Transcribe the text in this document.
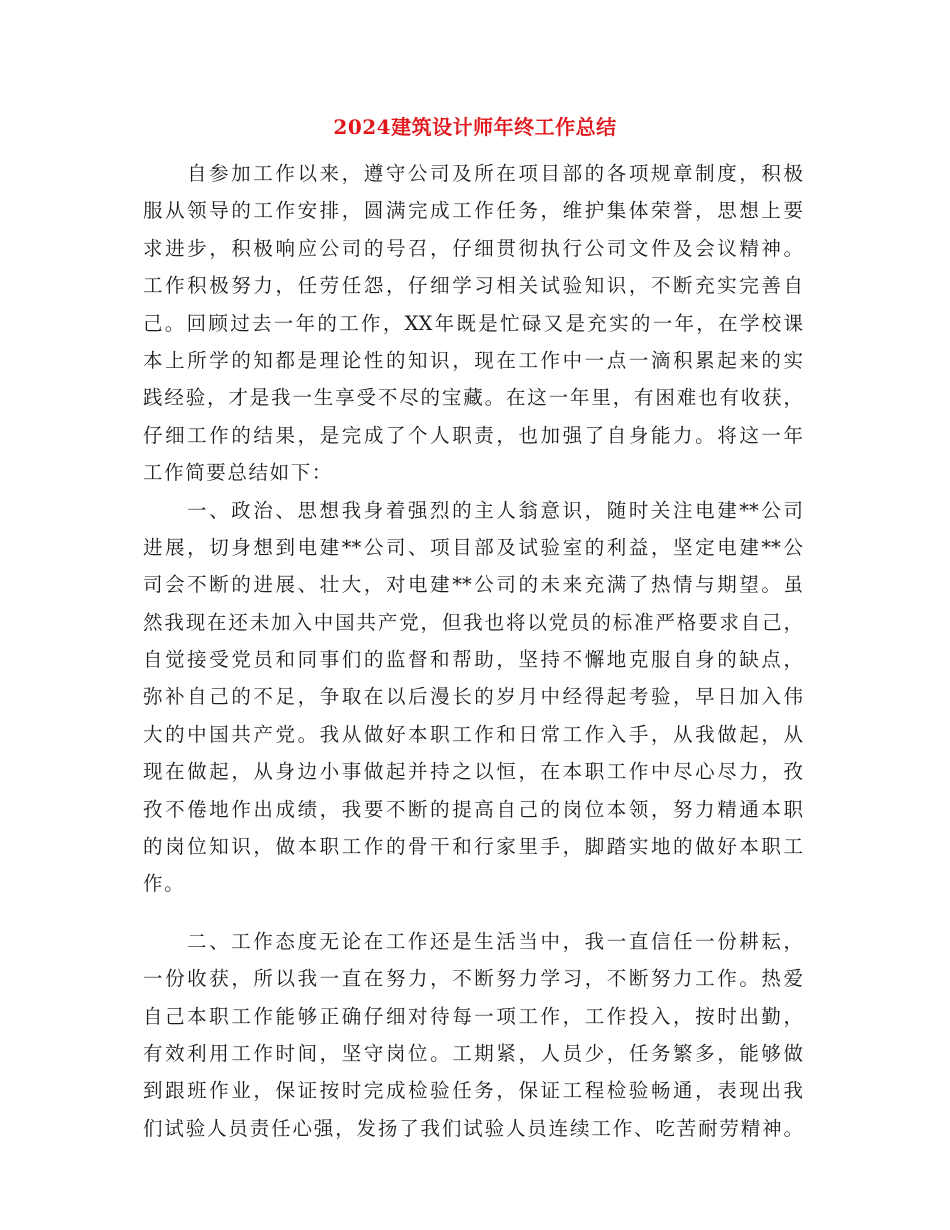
2024建筑设计师年终工作总结
自参加工作以来，遵守公司及所在项目部的各项规章制度，积极
服从领导的工作安排，圆满完成工作任务，维护集体荣誉，思想上要
求进步，积极响应公司的号召，仔细贯彻执行公司文件及会议精神。
工作积极努力，任劳任怨，仔细学习相关试验知识，不断充实完善自
己。回顾过去一年的工作，XX年既是忙碌又是充实的一年，在学校课
本上所学的知都是理论性的知识，现在工作中一点一滴积累起来的实
践经验，才是我一生享受不尽的宝藏。在这一年里，有困难也有收获，
仔细工作的结果，是完成了个人职责，也加强了自身能力。将这一年
工作简要总结如下：
一、政治、思想我身着强烈的主人翁意识，随时关注电建**公司
进展，切身想到电建**公司、项目部及试验室的利益，坚定电建**公
司会不断的进展、壮大，对电建**公司的未来充满了热情与期望。虽
然我现在还未加入中国共产党，但我也将以党员的标准严格要求自己，
自觉接受党员和同事们的监督和帮助，坚持不懈地克服自身的缺点，
弥补自己的不足，争取在以后漫长的岁月中经得起考验，早日加入伟
大的中国共产党。我从做好本职工作和日常工作入手，从我做起，从
现在做起，从身边小事做起并持之以恒，在本职工作中尽心尽力，孜
孜不倦地作出成绩，我要不断的提高自己的岗位本领，努力精通本职
的岗位知识，做本职工作的骨干和行家里手，脚踏实地的做好本职工
作。
二、工作态度无论在工作还是生活当中，我一直信任一份耕耘，
一份收获，所以我一直在努力，不断努力学习，不断努力工作。热爱
自己本职工作能够正确仔细对待每一项工作，工作投入，按时出勤，
有效利用工作时间，坚守岗位。工期紧，人员少，任务繁多，能够做
到跟班作业，保证按时完成检验任务，保证工程检验畅通，表现出我
们试验人员责任心强，发扬了我们试验人员连续工作、吃苦耐劳精神。
